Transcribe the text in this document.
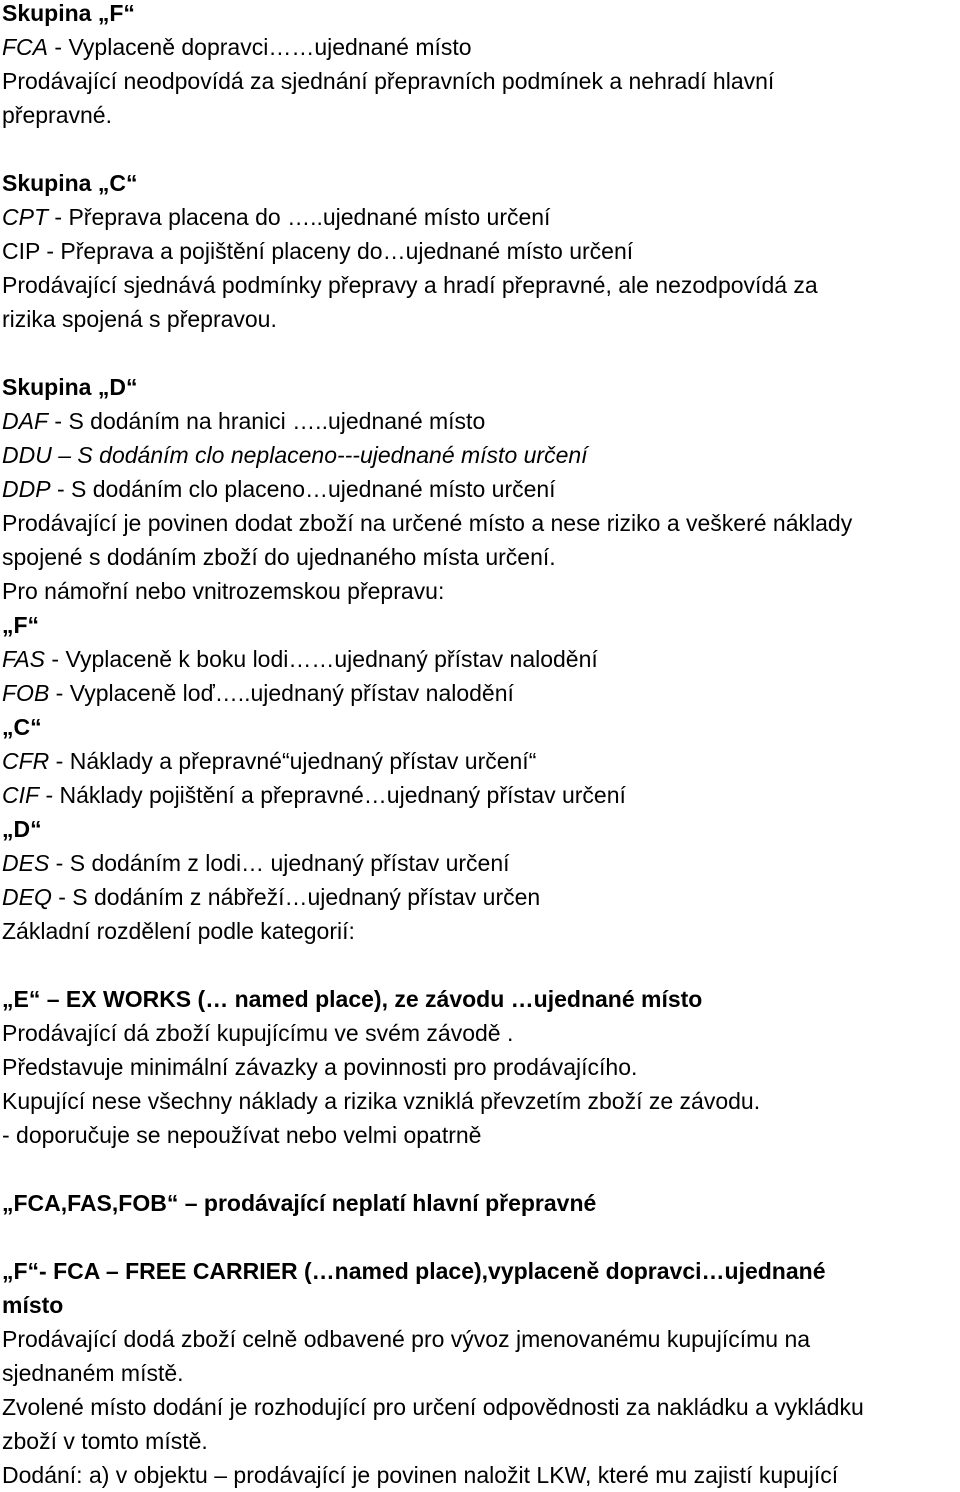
Skupina „F“
FCA - Vyplaceně dopravci……ujednané místo
Prodávající neodpovídá za sjednání přepravních podmínek a nehradí hlavní
přepravné.
Skupina „C“
CPT - Přeprava placena do …..ujednané místo určení
CIP - Přeprava a pojištění placeny do…ujednané místo určení
Prodávající sjednává podmínky přepravy a hradí přepravné, ale nezodpovídá za
rizika spojená s přepravou.
Skupina „D“
DAF - S dodáním na hranici …..ujednané místo
DDU – S dodáním clo neplaceno---ujednané místo určení
DDP - S dodáním clo placeno…ujednané místo určení
Prodávající je povinen dodat zboží na určené místo a nese riziko a veškeré náklady
spojené s dodáním zboží do ujednaného místa určení.
Pro námořní nebo vnitrozemskou přepravu:
„F“
FAS - Vyplaceně k boku lodi……ujednaný přístav nalodění
FOB - Vyplaceně loď…..ujednaný přístav nalodění
„C“
CFR - Náklady a přepravné“ujednaný přístav určení“
CIF - Náklady pojištění a přepravné…ujednaný přístav určení
„D“
DES - S dodáním z lodi… ujednaný přístav určení
DEQ - S dodáním z nábřeží…ujednaný přístav určen
Základní rozdělení podle kategorií:
„E“ – EX WORKS (… named place), ze závodu …ujednané místo
Prodávající dá zboží kupujícímu ve svém závodě .
Představuje minimální závazky a povinnosti pro prodávajícího.
Kupující nese všechny náklady a rizika vzniklá převzetím zboží ze závodu.
- doporučuje se nepoužívat nebo velmi opatrně
„FCA,FAS,FOB“ – prodávající neplatí hlavní přepravné
„F“- FCA – FREE CARRIER (…named place),vyplaceně dopravci…ujednané
místo
Prodávající dodá zboží celně odbavené pro vývoz jmenovanému kupujícímu na
sjednaném místě.
Zvolené místo dodání je rozhodující pro určení odpovědnosti za nakládku a vykládku
zboží v tomto místě.
Dodání: a) v objektu – prodávající je povinen naložit LKW, které mu zajistí kupující
